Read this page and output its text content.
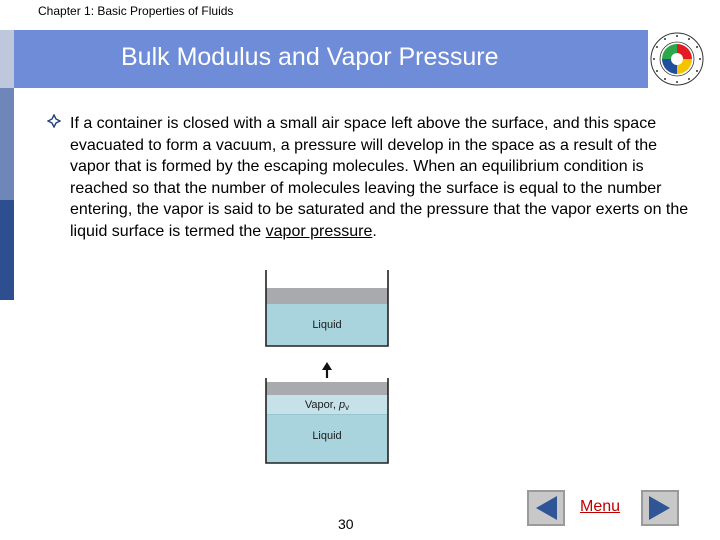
Chapter 1: Basic Properties of Fluids
Bulk Modulus and Vapor Pressure

If a container is closed with a small air space left above the surface, and this space evacuated to form a vacuum, a pressure will develop in the space as a result of the vapor that is formed by the escaping molecules. When an equilibrium condition is reached so that the number of molecules leaving the surface is equal to the number entering, the vapor is said to be saturated and the pressure that the vapor exerts on the liquid surface is termed the vapor pressure.

Liquid
Vapor, pv
Liquid
30
Menu
